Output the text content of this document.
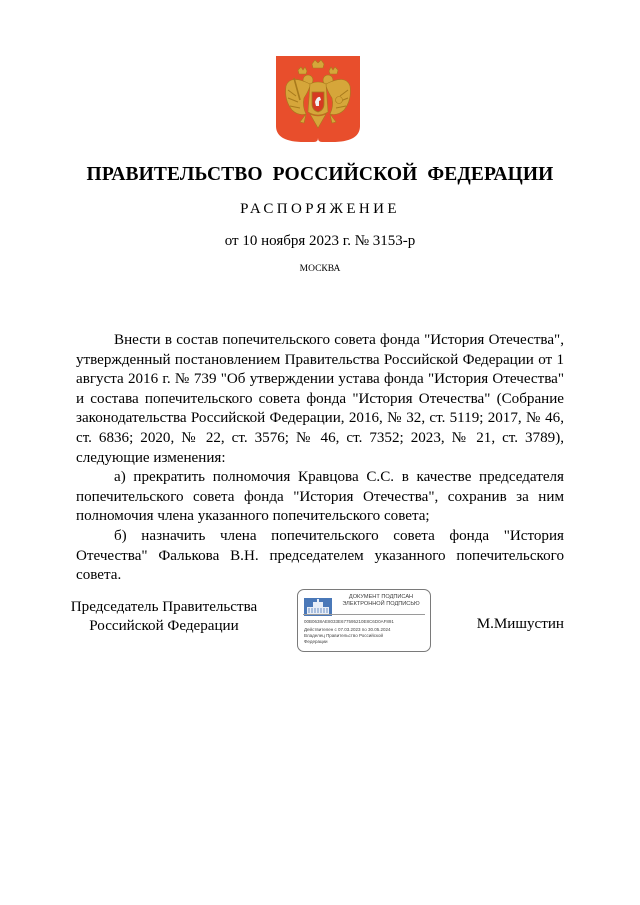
ПРАВИТЕЛЬСТВО РОССИЙСКОЙ ФЕДЕРАЦИИ
РАСПОРЯЖЕНИЕ
от 10 ноября 2023 г. № 3153-р
МОСКВА

Внести в состав попечительского совета фонда "История Отечества", утвержденный постановлением Правительства Российской Федерации от 1 августа 2016 г. № 739 "Об утверждении устава фонда "История Отечества" и состава попечительского совета фонда "История Отечества" (Собрание законодательства Российской Федерации, 2016, № 32, ст. 5119; 2017, № 46, ст. 6836; 2020, № 22, ст. 3576; № 46, ст. 7352; 2023, № 21, ст. 3789), следующие изменения:

а) прекратить полномочия Кравцова С.С. в качестве председателя попечительского совета фонда "История Отечества", сохранив за ним полномочия члена указанного попечительского совета;

б) назначить члена попечительского совета фонда "История Отечества" Фалькова В.Н. председателем указанного попечительского совета.

Председатель Правительства
Российской Федерации
ДОКУМЕНТ ПОДПИСАН
ЭЛЕКТРОННОЙ ПОДПИСЬЮ
00B0638AE8033E677595210E8C6D0AF891
Действителен с 07.03.2023 по 30.05.2024
Владелец Правительство Российской
Федерации
М.Мишустин
